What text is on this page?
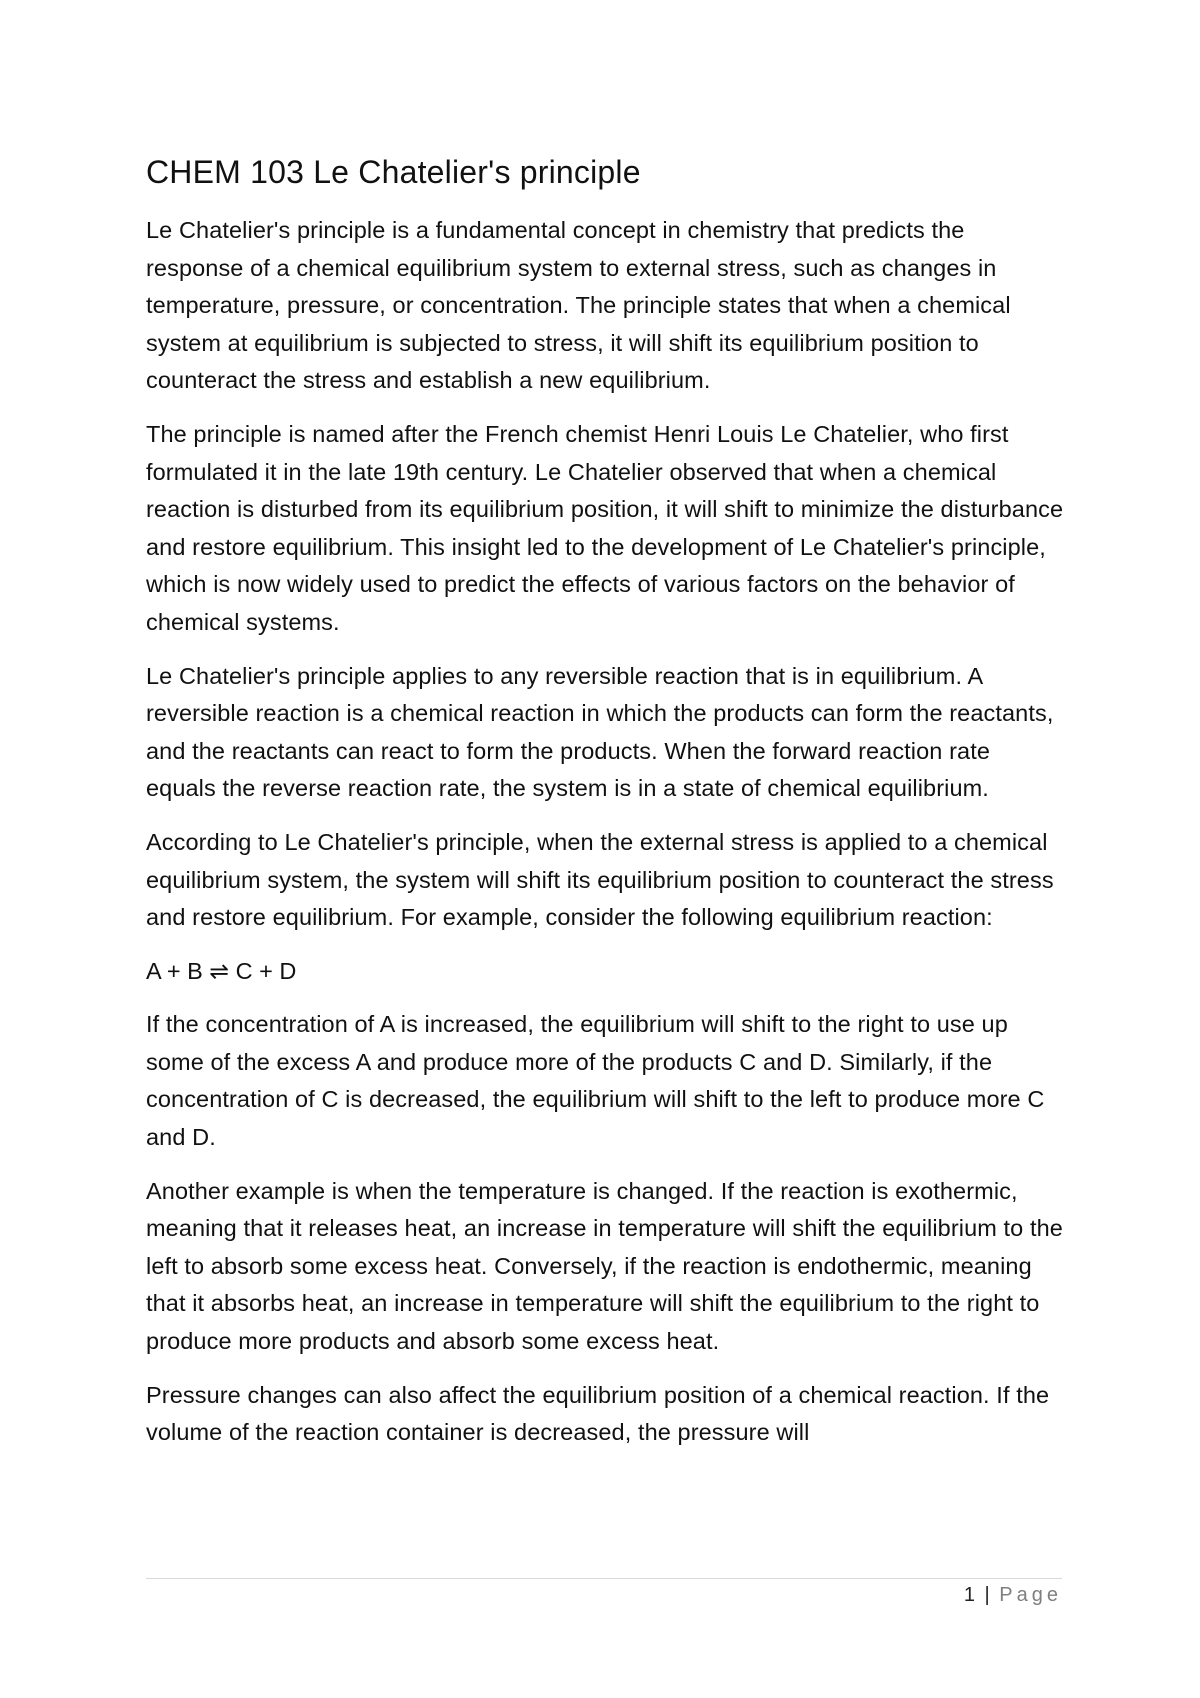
CHEM 103 Le Chatelier's principle

Le Chatelier's principle is a fundamental concept in chemistry that predicts the response of a chemical equilibrium system to external stress, such as changes in temperature, pressure, or concentration. The principle states that when a chemical system at equilibrium is subjected to stress, it will shift its equilibrium position to counteract the stress and establish a new equilibrium.

The principle is named after the French chemist Henri Louis Le Chatelier, who first formulated it in the late 19th century. Le Chatelier observed that when a chemical reaction is disturbed from its equilibrium position, it will shift to minimize the disturbance and restore equilibrium. This insight led to the development of Le Chatelier's principle, which is now widely used to predict the effects of various factors on the behavior of chemical systems.

Le Chatelier's principle applies to any reversible reaction that is in equilibrium. A reversible reaction is a chemical reaction in which the products can form the reactants, and the reactants can react to form the products. When the forward reaction rate equals the reverse reaction rate, the system is in a state of chemical equilibrium.

According to Le Chatelier's principle, when the external stress is applied to a chemical equilibrium system, the system will shift its equilibrium position to counteract the stress and restore equilibrium. For example, consider the following equilibrium reaction:

A + B ⇌ C + D

If the concentration of A is increased, the equilibrium will shift to the right to use up some of the excess A and produce more of the products C and D. Similarly, if the concentration of C is decreased, the equilibrium will shift to the left to produce more C and D.

Another example is when the temperature is changed. If the reaction is exothermic, meaning that it releases heat, an increase in temperature will shift the equilibrium to the left to absorb some excess heat. Conversely, if the reaction is endothermic, meaning that it absorbs heat, an increase in temperature will shift the equilibrium to the right to produce more products and absorb some excess heat.

Pressure changes can also affect the equilibrium position of a chemical reaction. If the volume of the reaction container is decreased, the pressure will

1 | Page
